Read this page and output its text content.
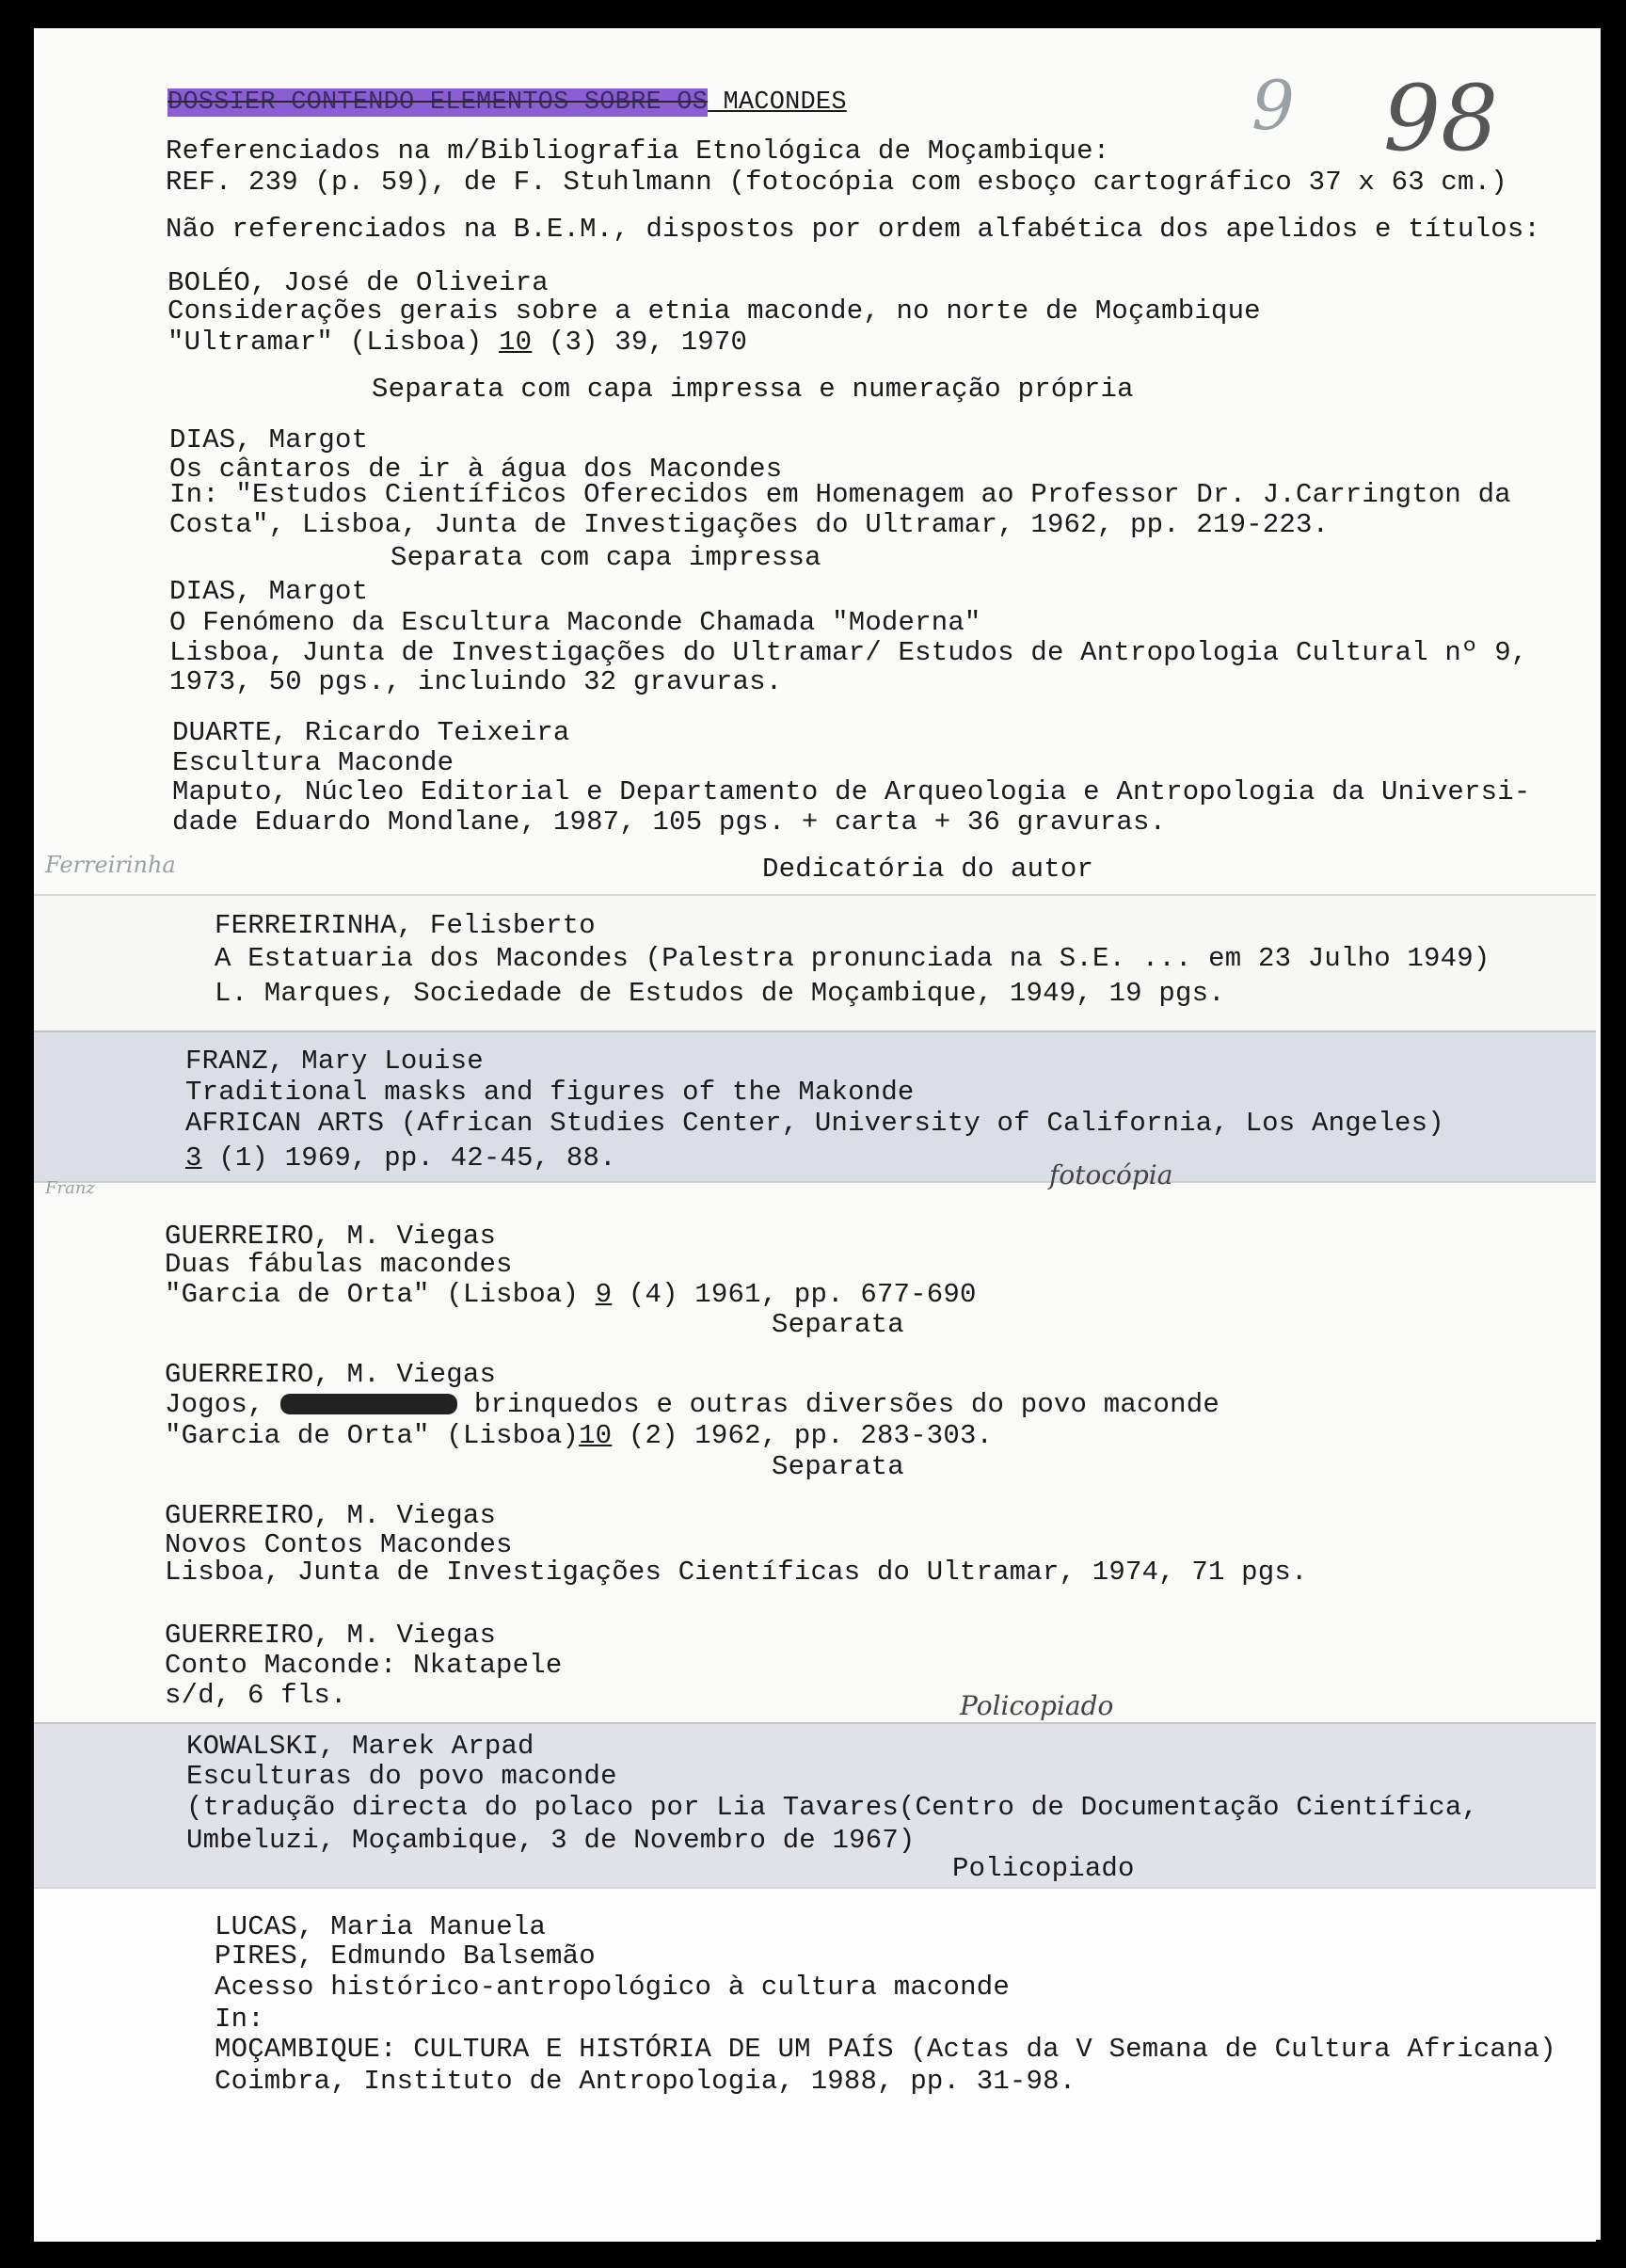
DOSSIER CONTENDO ELEMENTOS SOBRE OS MACONDES	9 98
Referenciados na m/Bibliografia Etnológica de Moçambique:
REF. 239 (p. 59), de F. Stuhlmann (fotocópia com esboço cartográfico 37 x 63 cm.)
Não referenciados na B.E.M., dispostos por ordem alfabética dos apelidos e títulos:
BOLÉO, José de Oliveira
Considerações gerais sobre a etnia maconde, no norte de Moçambique
"Ultramar" (Lisboa) 10 (3) 39, 1970
Separata com capa impressa e numeração própria
DIAS, Margot
Os cântaros de ir à água dos Macondes
In: "Estudos Científicos Oferecidos em Homenagem ao Professor Dr. J.Carrington da
Costa", Lisboa, Junta de Investigações do Ultramar, 1962, pp. 219-223.
Separata com capa impressa
DIAS, Margot
O Fenómeno da Escultura Maconde Chamada "Moderna"
Lisboa, Junta de Investigações do Ultramar/ Estudos de Antropologia Cultural nº 9,
1973, 50 pgs., incluindo 32 gravuras.
DUARTE, Ricardo Teixeira
Escultura Maconde
Maputo, Núcleo Editorial e Departamento de Arqueologia e Antropologia da Universi-
dade Eduardo Mondlane, 1987, 105 pgs. + carta + 36 gravuras.
Dedicatória do autor
Ferreirinha
FERREIRINHA, Felisberto
A Estatuaria dos Macondes (Palestra pronunciada na S.E. ... em 23 Julho 1949)
L. Marques, Sociedade de Estudos de Moçambique, 1949, 19 pgs.
FRANZ, Mary Louise
Traditional masks and figures of the Makonde
AFRICAN ARTS (African Studies Center, University of California, Los Angeles)
3 (1) 1969, pp. 42-45, 88.
fotocópia
Franz
GUERREIRO, M. Viegas
Duas fábulas macondes
"Garcia de Orta" (Lisboa) 9 (4) 1961, pp. 677-690
Separata
GUERREIRO, M. Viegas
Jogos,	brinquedos e outras diversões do povo maconde
"Garcia de Orta" (Lisboa)10 (2) 1962, pp. 283-303.
Separata
GUERREIRO, M. Viegas
Novos Contos Macondes
Lisboa, Junta de Investigações Científicas do Ultramar, 1974, 71 pgs.
GUERREIRO, M. Viegas
Conto Maconde: Nkatapele
s/d, 6 fls.	Policopiado
KOWALSKI, Marek Arpad
Esculturas do povo maconde
(tradução directa do polaco por Lia Tavares(Centro de Documentação Científica,
Umbeluzi, Moçambique, 3 de Novembro de 1967)
Policopiado
LUCAS, Maria Manuela
PIRES, Edmundo Balsemão
Acesso histórico-antropológico à cultura maconde
In:
MOÇAMBIQUE: CULTURA E HISTÓRIA DE UM PAÍS (Actas da V Semana de Cultura Africana)
Coimbra, Instituto de Antropologia, 1988, pp. 31-98.
